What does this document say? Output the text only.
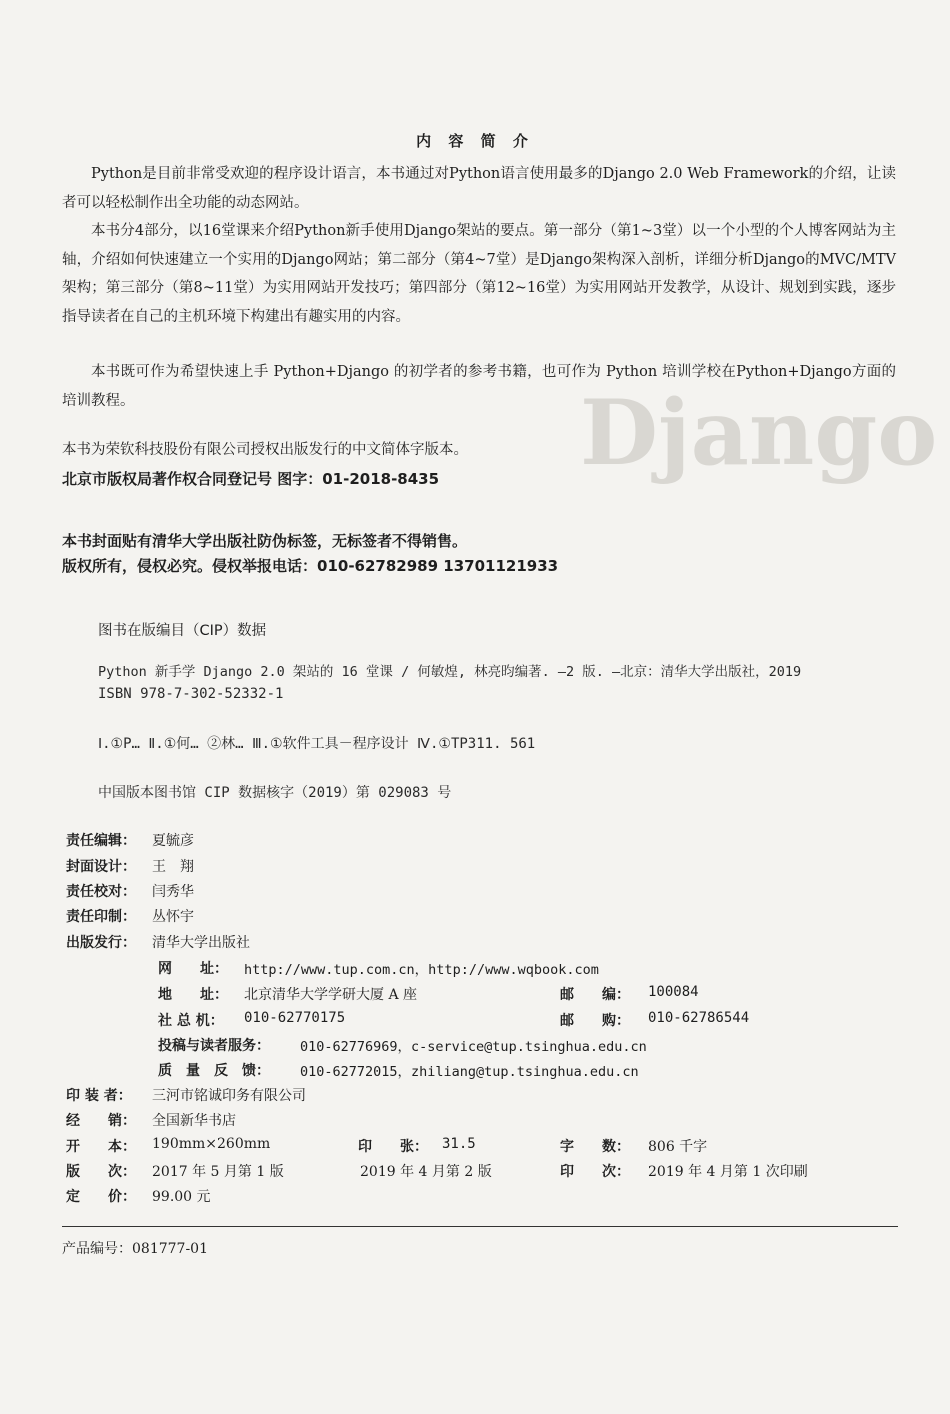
Django
内 容 简 介

Python是目前非常受欢迎的程序设计语言，本书通过对Python语言使用最多的Django 2.0 Web Framework的介绍，让读者可以轻松制作出全功能的动态网站。

本书分4部分，以16堂课来介绍Python新手使用Django架站的要点。第一部分（第1~3堂）以一个小型的个人博客网站为主轴，介绍如何快速建立一个实用的Django网站；第二部分（第4~7堂）是Django架构深入剖析，详细分析Django的MVC/MTV架构；第三部分（第8~11堂）为实用网站开发技巧；第四部分（第12~16堂）为实用网站开发教学，从设计、规划到实践，逐步指导读者在自己的主机环境下构建出有趣实用的内容。

本书既可作为希望快速上手 Python+Django 的初学者的参考书籍，也可作为 Python 培训学校在Python+Django方面的培训教程。

本书为荣钦科技股份有限公司授权出版发行的中文简体字版本。
北京市版权局著作权合同登记号 图字：01-2018-8435
本书封面贴有清华大学出版社防伪标签，无标签者不得销售。
版权所有，侵权必究。侵权举报电话：010-62782989 13701121933
图书在版编目（CIP）数据
Python 新手学 Django 2.0 架站的 16 堂课 / 何敏煌, 林亮昀编著. —2 版. —北京：清华大学出版社，2019
ISBN 978-7-302-52332-1
Ⅰ.①P… Ⅱ.①何… ②林… Ⅲ.①软件工具－程序设计 Ⅳ.①TP311. 561
中国版本图书馆 CIP 数据核字（2019）第 029083 号
责任编辑： 夏毓彦
封面设计： 王　翔
责任校对： 闫秀华
责任印制： 丛怀宇
出版发行： 清华大学出版社
网　　址： http://www.tup.com.cn，http://www.wqbook.com
地　　址： 北京清华大学学研大厦 A 座	邮　　编： 100084
社 总 机： 010-62770175	邮　　购： 010-62786544
投稿与读者服务： 010-62776969，c-service@tup.tsinghua.edu.cn
质　量　反　馈： 010-62772015，zhiliang@tup.tsinghua.edu.cn
印 装 者： 三河市铭诚印务有限公司
经　　销： 全国新华书店
开　　本： 190mm×260mm	印　　张： 31.5	字　　数： 806 千字
版　　次： 2017 年 5 月第 1 版	2019 年 4 月第 2 版	印　　次： 2019 年 4 月第 1 次印刷
定　　价： 99.00 元
产品编号：081777-01
